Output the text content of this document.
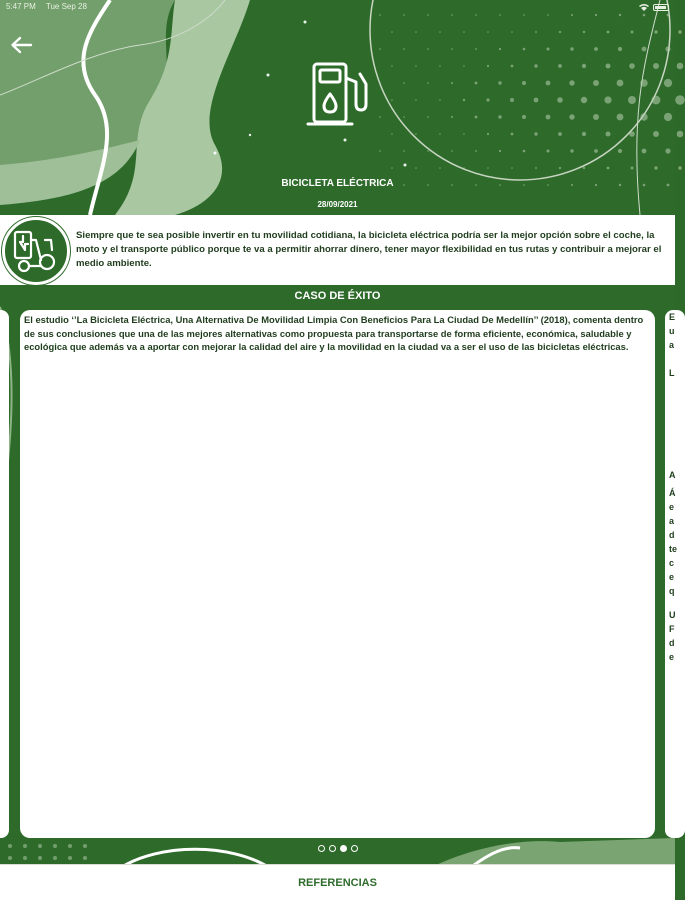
5:47 PM Tue Sep 28
BICICLETA ELÉCTRICA
28/09/2021
Siempre que te sea posible invertir en tu movilidad cotidiana, la bicicleta eléctrica podría ser la mejor opción sobre el coche, la moto y el transporte público porque te va a permitir ahorrar dinero, tener mayor flexibilidad en tus rutas y contribuir a mejorar el medio ambiente.
CASO DE ÉXITO
El estudio ‘’La Bicicleta Eléctrica, Una Alternativa De Movilidad Limpia Con Beneficios Para La Ciudad De Medellín’’ (2018), comenta dentro de sus conclusiones que una de las mejores alternativas como propuesta para transportarse de forma eficiente, económica, saludable y ecológica que además va a aportar con mejorar la calidad del aire y la movilidad en la ciudad va a ser el uso de las bicicletas eléctricas.
E
u
a
L
A
Á
e
a
d
te
c
e
q
U
F
d
e
REFERENCIAS
